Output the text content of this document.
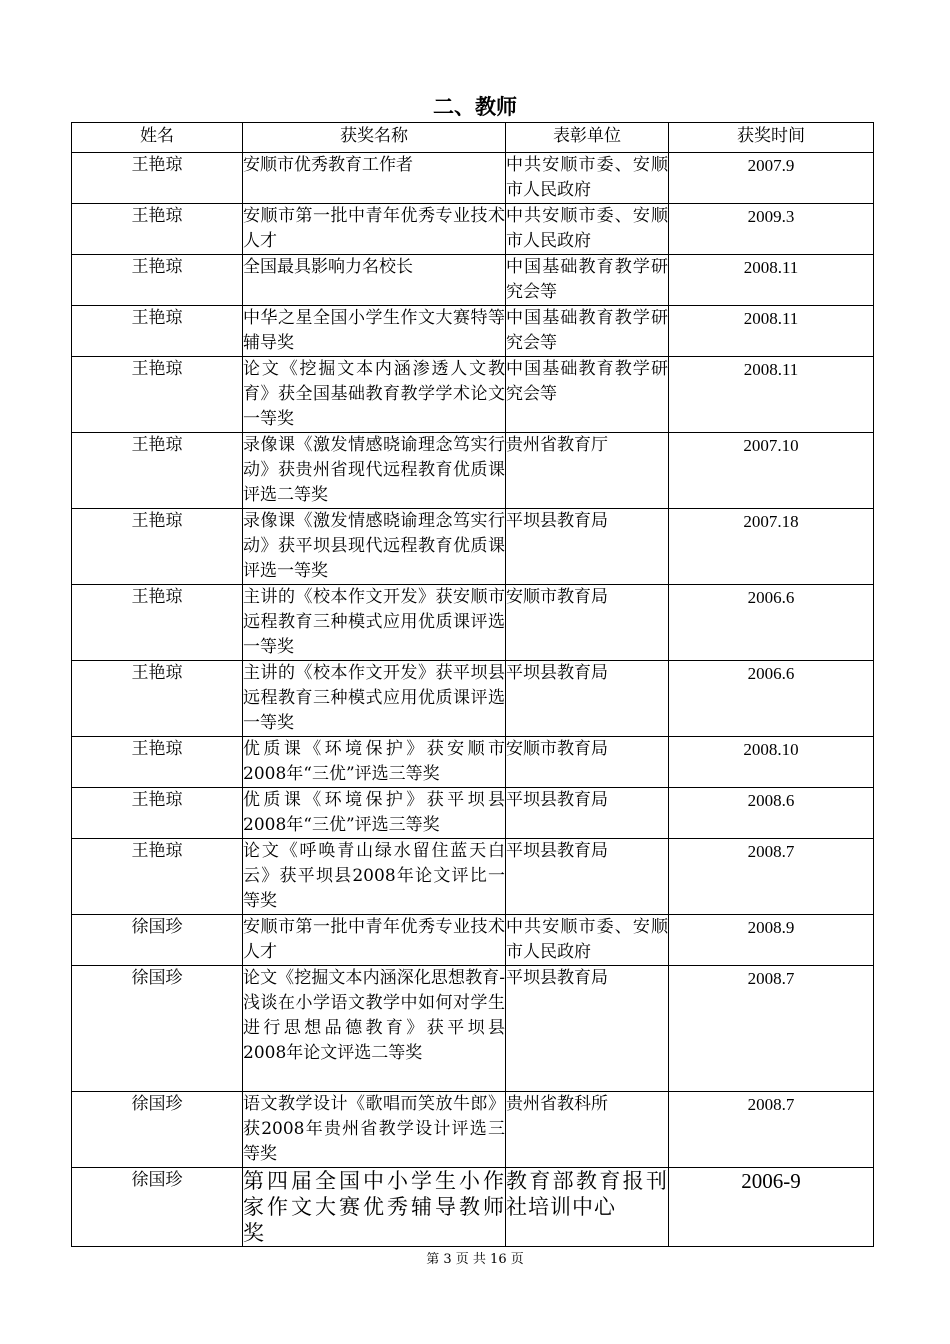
二、教师
姓名	获奖名称	表彰单位	获奖时间
王艳琼	安顺市优秀教育工作者	中共安顺市委、安顺市人民政府	2007.9
王艳琼	安顺市第一批中青年优秀专业技术人才	中共安顺市委、安顺市人民政府	2009.3
王艳琼	全国最具影响力名校长	中国基础教育教学研究会等	2008.11
王艳琼	中华之星全国小学生作文大赛特等辅导奖	中国基础教育教学研究会等	2008.11
王艳琼	论文《挖掘文本内涵渗透人文教育》获全国基础教育教学学术论文一等奖	中国基础教育教学研究会等	2008.11
王艳琼	录像课《激发情感晓谕理念笃实行动》获贵州省现代远程教育优质课评选二等奖	贵州省教育厅	2007.10
王艳琼	录像课《激发情感晓谕理念笃实行动》获平坝县现代远程教育优质课评选一等奖	平坝县教育局	2007.18
王艳琼	主讲的《校本作文开发》获安顺市远程教育三种模式应用优质课评选一等奖	安顺市教育局	2006.6
王艳琼	主讲的《校本作文开发》获平坝县远程教育三种模式应用优质课评选一等奖	平坝县教育局	2006.6
王艳琼	优质课《环境保护》获安顺市2008年“三优”评选三等奖	安顺市教育局	2008.10
王艳琼	优质课《环境保护》获平坝县2008年“三优”评选三等奖	平坝县教育局	2008.6
王艳琼	论文《呼唤青山绿水留住蓝天白云》获平坝县2008年论文评比一等奖	平坝县教育局	2008.7
徐国珍	安顺市第一批中青年优秀专业技术人才	中共安顺市委、安顺市人民政府	2008.9
徐国珍	论文《挖掘文本内涵深化思想教育-浅谈在小学语文教学中如何对学生进行思想品德教育》获平坝县2008年论文评选二等奖	平坝县教育局	2008.7
徐国珍	语文教学设计《歌唱而笑放牛郎》获2008年贵州省教学设计评选三等奖	贵州省教科所	2008.7
徐国珍	第四届全国中小学生小作家作文大赛优秀辅导教师奖	教育部教育报刊社培训中心	2006-9
第 3 页 共 16 页
